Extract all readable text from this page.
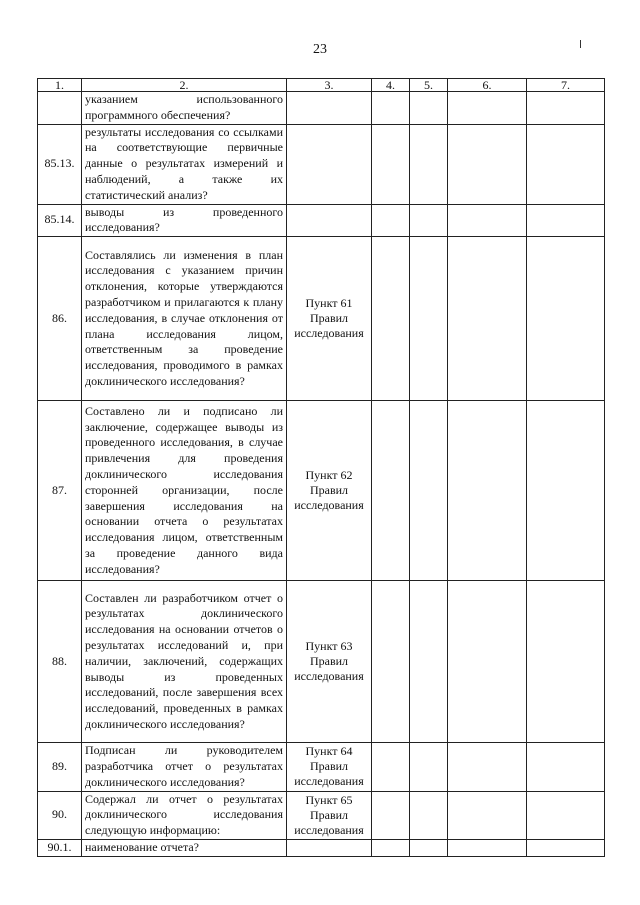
23
1.	2.	3.	4.	5.	6.	7.
	указанием использованного программного обеспечения?					
85.13.	результаты исследования со ссылками на соответствующие первичные данные о результатах измерений и наблюдений, а также их статистический анализ?					
85.14.	выводы из проведенного исследования?					
86.	Составлялись ли изменения в план исследования с указанием причин отклонения, которые утверждаются разработчиком и прилагаются к плану исследования, в случае отклонения от плана исследования лицом, ответственным за проведение исследования, проводимого в рамках доклинического исследования?	Пункт 61 Правил исследования				
87.	Составлено ли и подписано ли заключение, содержащее выводы из проведенного исследования, в случае привлечения для проведения доклинического исследования сторонней организации, после завершения исследования на основании отчета о результатах исследования лицом, ответственным за проведение данного вида исследования?	Пункт 62 Правил исследования				
88.	Составлен ли разработчиком отчет о результатах доклинического исследования на основании отчетов о результатах исследований и, при наличии, заключений, содержащих выводы из проведенных исследований, после завершения всех исследований, проведенных в рамках доклинического исследования?	Пункт 63 Правил исследования				
89.	Подписан ли руководителем разработчика отчет о результатах доклинического исследования?	Пункт 64 Правил исследования				
90.	Содержал ли отчет о результатах доклинического исследования следующую информацию:	Пункт 65 Правил исследования				
90.1.	наименование отчета?					
